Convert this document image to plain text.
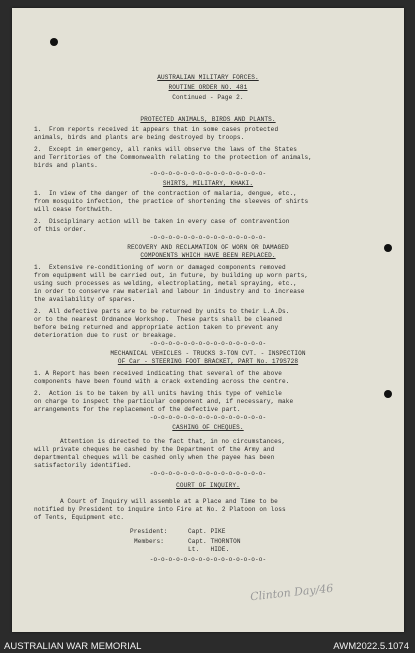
AUSTRALIAN MILITARY FORCES.
ROUTINE ORDER NO. 481
Continued - Page 2.
PROTECTED ANIMALS, BIRDS AND PLANTS.
1.  From reports received it appears that in some cases protected
animals, birds and plants are being destroyed by troops.
2.  Except in emergency, all ranks will observe the laws of the States
and Territories of the Commonwealth relating to the protection of animals,
birds and plants.
-o-o-o-o-o-o-o-o-o-o-o-o-o-o-o-
SHIRTS, MILITARY, KHAKI.
1.  In view of the danger of the contraction of malaria, dengue, etc.,
from mosquito infection, the practice of shortening the sleeves of shirts
will cease forthwith.
2.  Disciplinary action will be taken in every case of contravention
of this order.
-o-o-o-o-o-o-o-o-o-o-o-o-o-o-o-
RECOVERY AND RECLAMATION OF WORN OR DAMAGED
COMPONENTS WHICH HAVE BEEN REPLACED.
1.  Extensive re-conditioning of worn or damaged components removed
from equipment will be carried out, in future, by building up worn parts,
using such processes as welding, electroplating, metal spraying, etc.,
in order to conserve raw material and labour in industry and to increase
the availability of spares.
2.  All defective parts are to be returned by units to their L.A.Ds.
or to the nearest Ordnance Workshop.  These parts shall be cleaned
before being returned and appropriate action taken to prevent any
deterioration due to rust or breakage.
-o-o-o-o-o-o-o-o-o-o-o-o-o-o-o-
MECHANICAL VEHICLES - TRUCKS 3-TON CVT. - INSPECTION
OF Car - STEERING FOOT BRACKET, PART No. 179S728
1. A Report has been received indicating that several of the above
components have been found with a crack extending across the centre.
2.  Action is to be taken by all units having this type of vehicle
on charge to inspect the particular component and, if necessary, make
arrangements for the replacement of the defective part.
-o-o-o-o-o-o-o-o-o-o-o-o-o-o-o-
CASHING OF CHEQUES.
Attention is directed to the fact that, in no circumstances,
will private cheques be cashed by the Department of the Army and
departmental cheques will be cashed only when the payee has been
satisfactorily identified.
-o-o-o-o-o-o-o-o-o-o-o-o-o-o-o-
COURT OF INQUIRY.
A Court of Inquiry will assemble at a Place and Time to be
notified by President to inquire into Fire at No. 2 Platoon on loss
of Tents, Equipment etc.
President:	Capt. PIKE
Members:	Capt. THORNTON
Lt.   HIDE.
-o-o-o-o-o-o-o-o-o-o-o-o-o-o-o-
Clinton Day/46
AUSTRALIAN WAR MEMORIAL	AWM2022.5.1074
